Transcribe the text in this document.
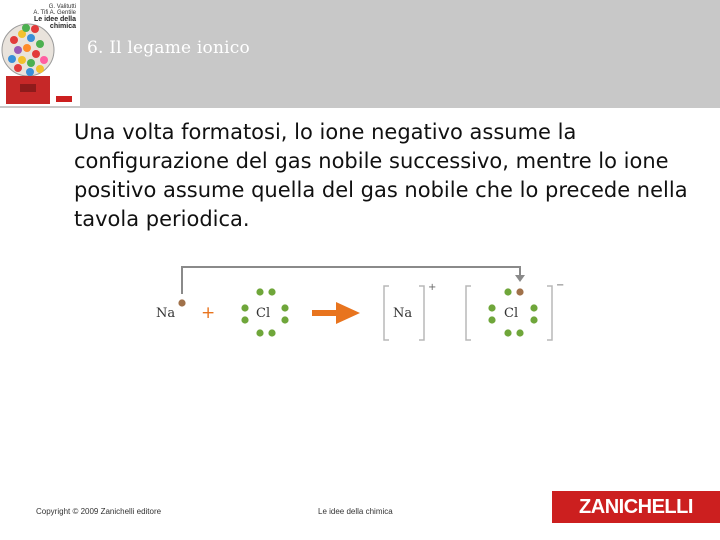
G. Valitutti
A. Tifi A. Gentile
Le idee della
chimica
6. Il legame ionico
Una volta formatosi, lo ione negativo assume la configurazione del gas nobile successivo, mentre lo ione positivo assume quella del gas nobile che lo precede nella tavola periodica.
Na +	Cl	Na
+
Cl
−
Copyright © 2009 Zanichelli editore	Le idee della chimica	ZANICHELLI
